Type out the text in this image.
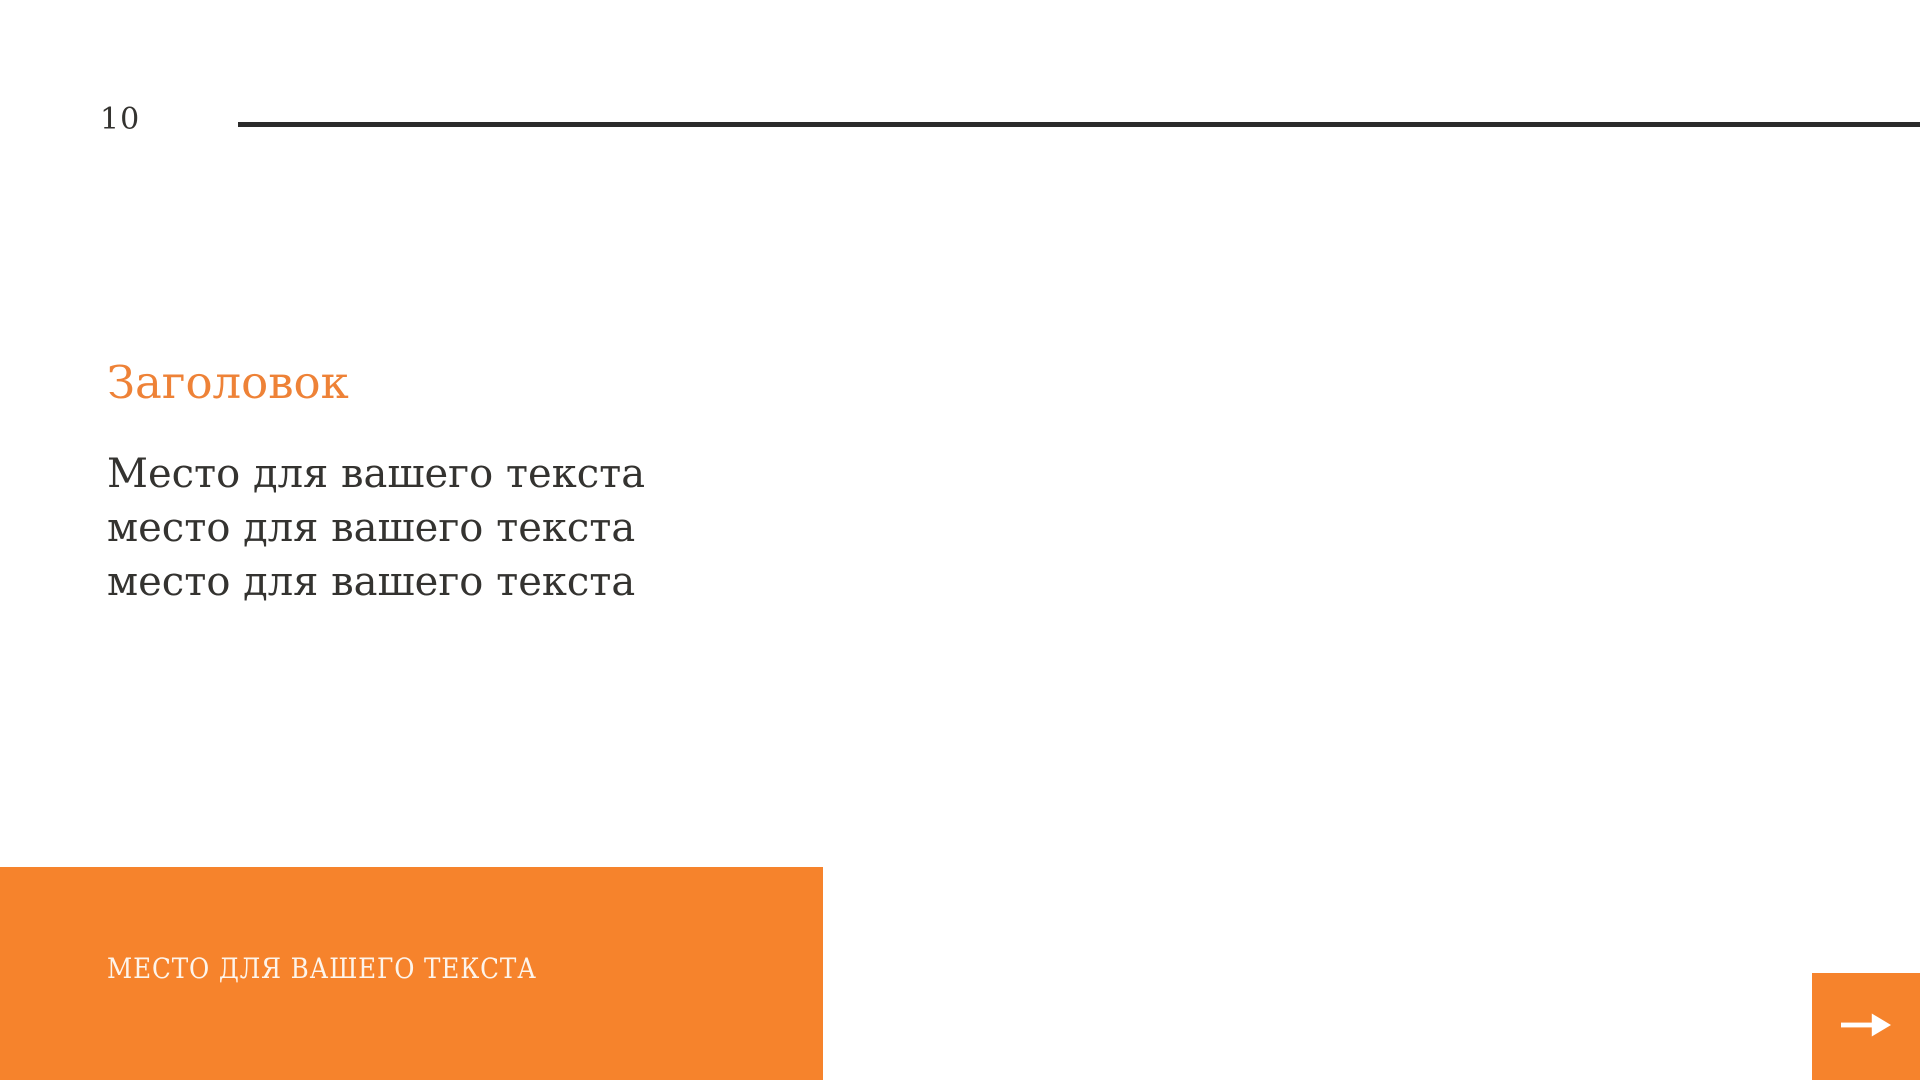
10
Заголовок
Место для вашего текста
место для вашего текста
место для вашего текста
МЕСТО ДЛЯ ВАШЕГО ТЕКСТА
